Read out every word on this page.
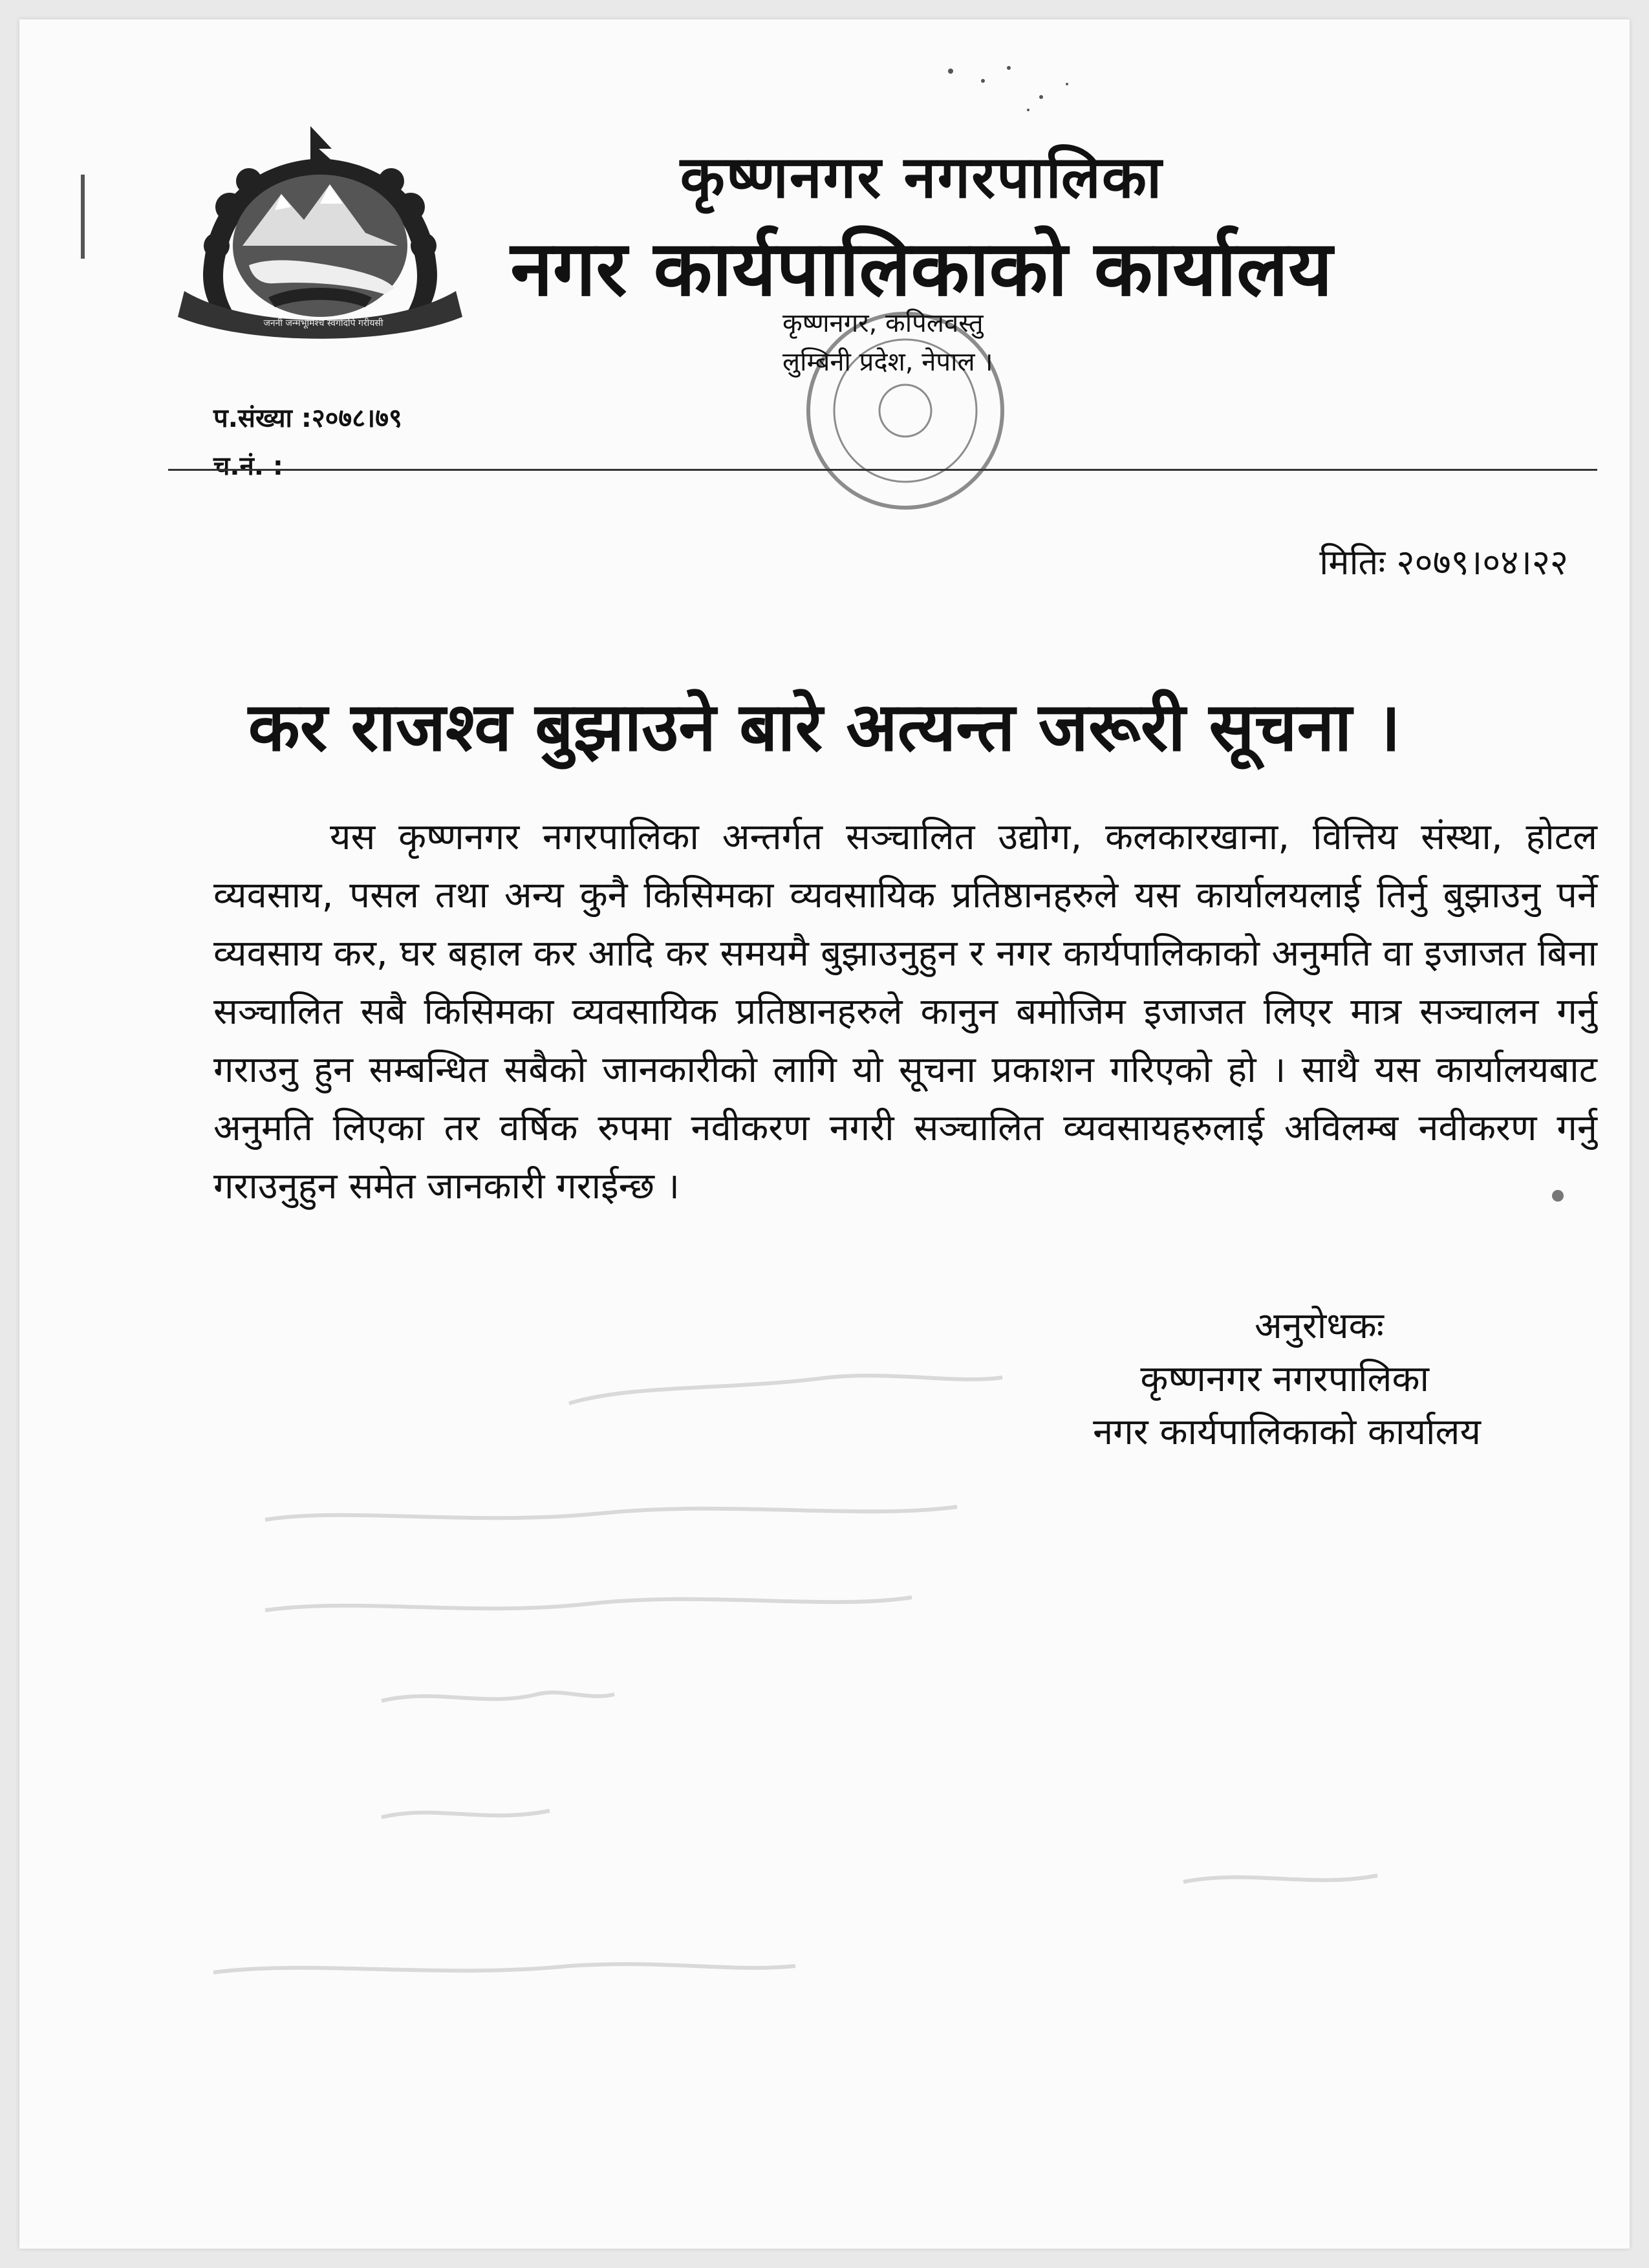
जननी जन्मभूमिश्च स्वर्गादपि गरीयसी
कृष्णनगर नगरपालिका
नगर कार्यपालिकाको कार्यालय
कृष्णनगर, कपिलवस्तु
लुम्बिनी प्रदेश, नेपाल ।
प.संख्या :२०७८।७९
च.नं. :
मितिः २०७९।०४।२२
कर राजश्व बुझाउने बारे अत्यन्त जरूरी सूचना ।
यस कृष्णनगर नगरपालिका अन्तर्गत सञ्चालित उद्योग, कलकारखाना, वित्तिय संस्था, होटल व्यवसाय, पसल तथा अन्य कुनै किसिमका व्यवसायिक प्रतिष्ठानहरुले यस कार्यालयलाई तिर्नु बुझाउनु पर्ने व्यवसाय कर, घर बहाल कर आदि कर समयमै बुझाउनुहुन र नगर कार्यपालिकाको अनुमति वा इजाजत बिना सञ्चालित सबै किसिमका व्यवसायिक प्रतिष्ठानहरुले कानुन बमोजिम इजाजत लिएर मात्र सञ्चालन गर्नु गराउनु हुन सम्बन्धित सबैको जानकारीको लागि यो सूचना प्रकाशन गरिएको हो । साथै यस कार्यालयबाट अनुमति लिएका तर वर्षिक रुपमा नवीकरण नगरी सञ्चालित व्यवसायहरुलाई अविलम्ब नवीकरण गर्नु गराउनुहुन समेत जानकारी गराईन्छ ।
अनुरोधकः
कृष्णनगर नगरपालिका
नगर कार्यपालिकाको कार्यालय
